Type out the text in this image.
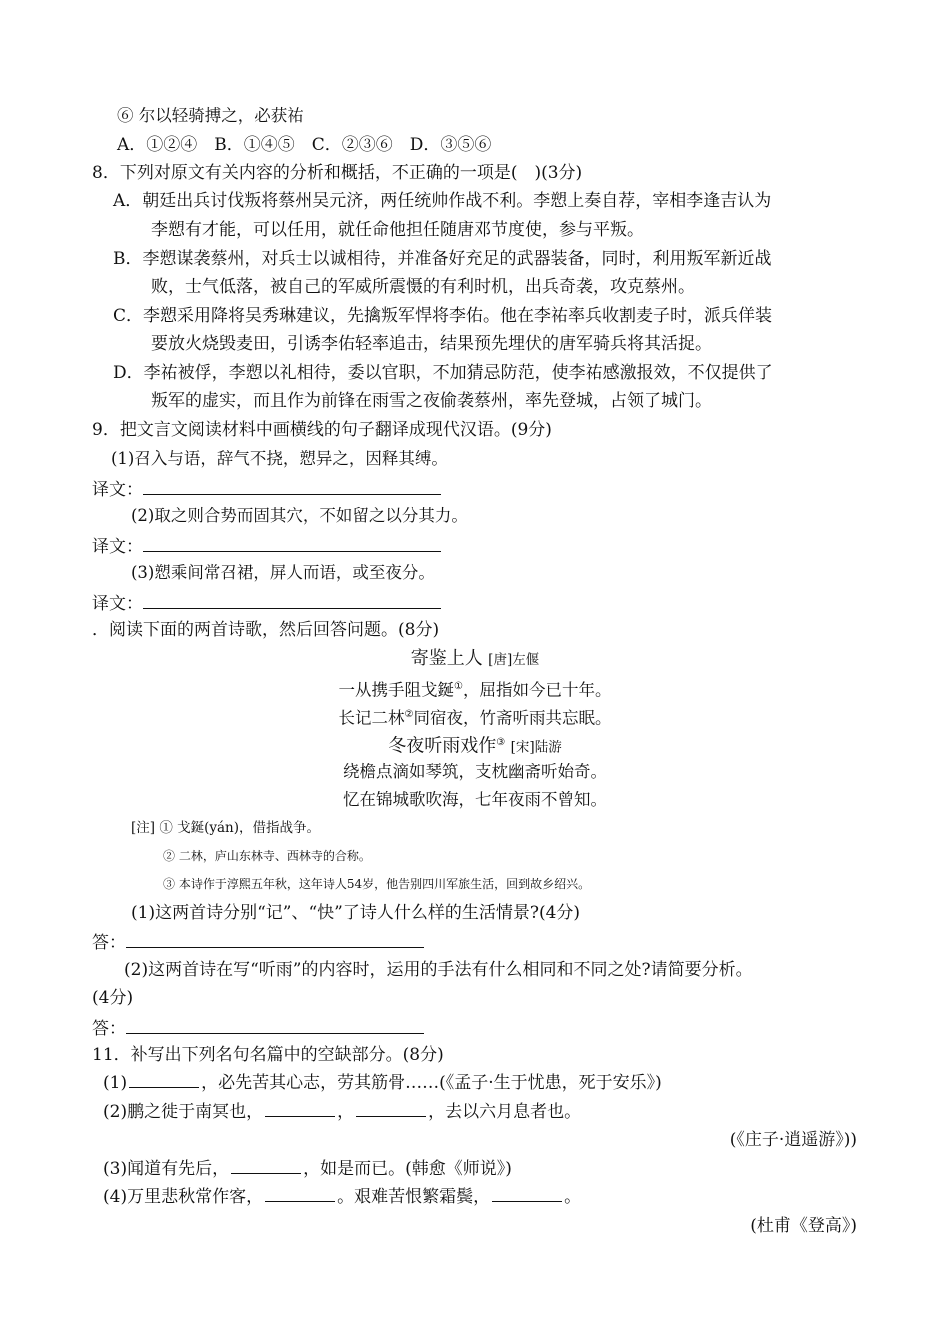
⑥ 尔以轻骑搏之，必获祐
A．①②④　B．①④⑤　C．②③⑥　D．③⑤⑥
8．下列对原文有关内容的分析和概括，不正确的一项是(　)(3分)
A．朝廷出兵讨伐叛将蔡州吴元济，两任统帅作战不利。李愬上奏自荐，宰相李逢吉认为
李愬有才能，可以任用，就任命他担任随唐邓节度使，参与平叛。
B．李愬谋袭蔡州，对兵士以诚相待，并准备好充足的武器装备，同时，利用叛军新近战
败，士气低落，被自己的军威所震慑的有利时机，出兵奇袭，攻克蔡州。
C．李愬采用降将吴秀琳建议，先擒叛军悍将李佑。他在李祐率兵收割麦子时，派兵佯装
要放火烧毁麦田，引诱李佑轻率追击，结果预先埋伏的唐军骑兵将其活捉。
D．李祐被俘，李愬以礼相待，委以官职，不加猜忌防范，使李祐感激报效，不仅提供了
叛军的虚实，而且作为前锋在雨雪之夜偷袭蔡州，率先登城，占领了城门。
9．把文言文阅读材料中画横线的句子翻译成现代汉语。(9分)
(1)召入与语，辞气不挠，愬异之，因释其缚。
译文：
(2)取之则合势而固其穴，不如留之以分其力。
译文：
(3)愬乘间常召裙，屏人而语，或至夜分。
译文：
．阅读下面的两首诗歌，然后回答问题。(8分)
寄鉴上人 [唐]左偃
一从携手阻戈鋋①，屈指如今已十年。
长记二林②同宿夜，竹斋听雨共忘眠。
冬夜听雨戏作③ [宋]陆游
绕檐点滴如琴筑，支枕幽斋听始奇。
忆在锦城歌吹海，七年夜雨不曾知。
[注] ① 戈鋋(yán)，借指战争。
② 二林，庐山东林寺、西林寺的合称。
③ 本诗作于淳熙五年秋，这年诗人54岁，他告别四川军旅生活，回到故乡绍兴。
(1)这两首诗分别“记”、“快”了诗人什么样的生活情景?(4分)
答：
(2)这两首诗在写“听雨”的内容时，运用的手法有什么相同和不同之处?请简要分析。
(4分)
答：
11．补写出下列名句名篇中的空缺部分。(8分)
(1)	，必先苦其心志，劳其筋骨……(《孟子·生于忧患，死于安乐》)
(2)鹏之徙于南冥也，	，	，去以六月息者也。
(《庄子·逍遥游》))
(3)闻道有先后，	，如是而已。(韩愈《师说》)
(4)万里悲秋常作客，	。艰难苦恨繁霜鬓，	。
(杜甫《登高》)
